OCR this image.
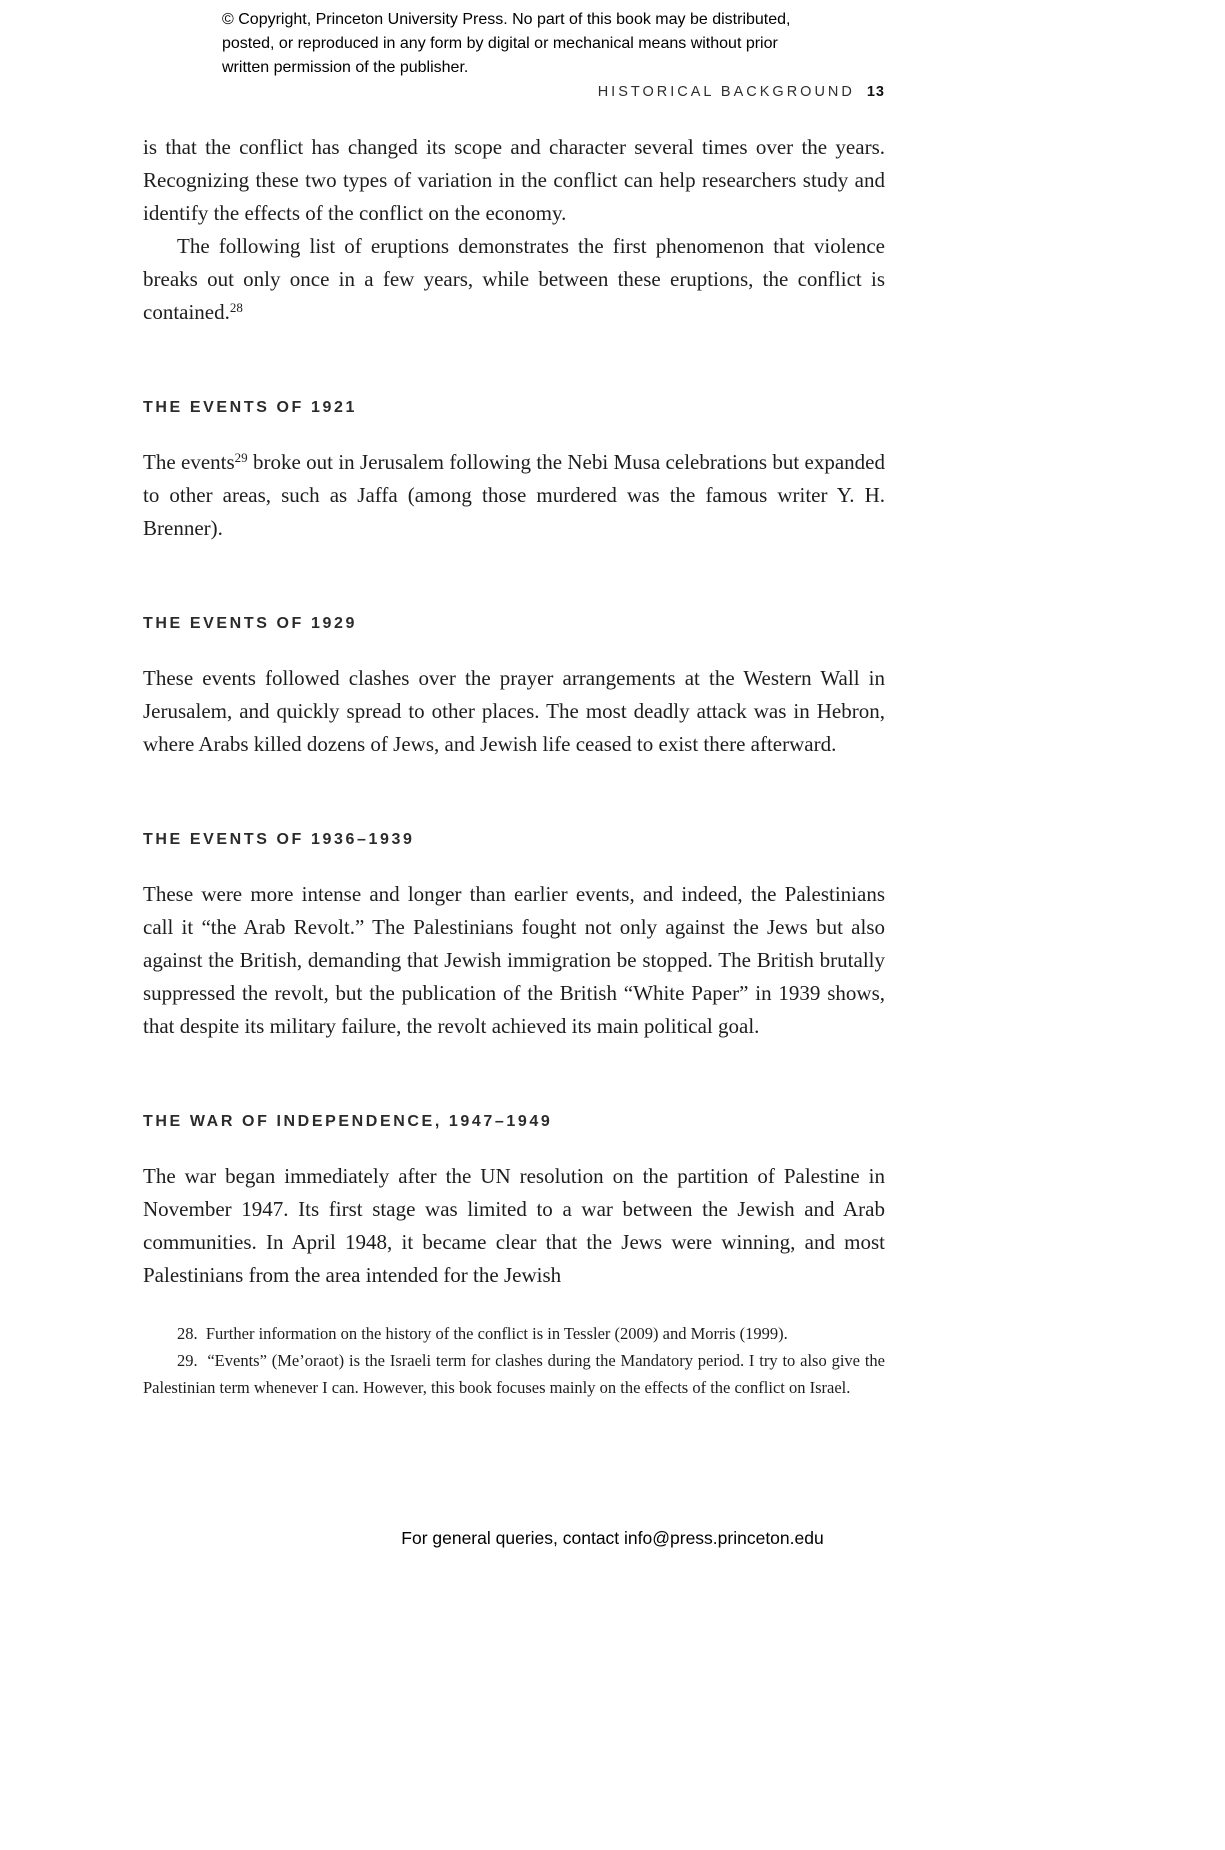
© Copyright, Princeton University Press. No part of this book may be distributed, posted, or reproduced in any form by digital or mechanical means without prior written permission of the publisher.
HISTORICAL BACKGROUND 13

is that the conflict has changed its scope and character several times over the years. Recognizing these two types of variation in the conflict can help researchers study and identify the effects of the conflict on the economy.

The following list of eruptions demonstrates the first phenomenon that violence breaks out only once in a few years, while between these eruptions, the conflict is contained.$^{28}$

THE EVENTS OF 1921

The events$^{29}$ broke out in Jerusalem following the Nebi Musa celebrations but expanded to other areas, such as Jaffa (among those murdered was the famous writer Y. H. Brenner).

THE EVENTS OF 1929

These events followed clashes over the prayer arrangements at the Western Wall in Jerusalem, and quickly spread to other places. The most deadly attack was in Hebron, where Arabs killed dozens of Jews, and Jewish life ceased to exist there afterward.

THE EVENTS OF 1936–1939

These were more intense and longer than earlier events, and indeed, the Palestinians call it “the Arab Revolt.” The Palestinians fought not only against the Jews but also against the British, demanding that Jewish immigration be stopped. The British brutally suppressed the revolt, but the publication of the British “White Paper” in 1939 shows, that despite its military failure, the revolt achieved its main political goal.

THE WAR OF INDEPENDENCE, 1947–1949

The war began immediately after the UN resolution on the partition of Palestine in November 1947. Its first stage was limited to a war between the Jewish and Arab communities. In April 1948, it became clear that the Jews were winning, and most Palestinians from the area intended for the Jewish

28. Further information on the history of the conflict is in Tessler (2009) and Morris (1999).

29. “Events” (Me’oraot) is the Israeli term for clashes during the Mandatory period. I try to also give the Palestinian term whenever I can. However, this book focuses mainly on the effects of the conflict on Israel.

For general queries, contact info@press.princeton.edu
